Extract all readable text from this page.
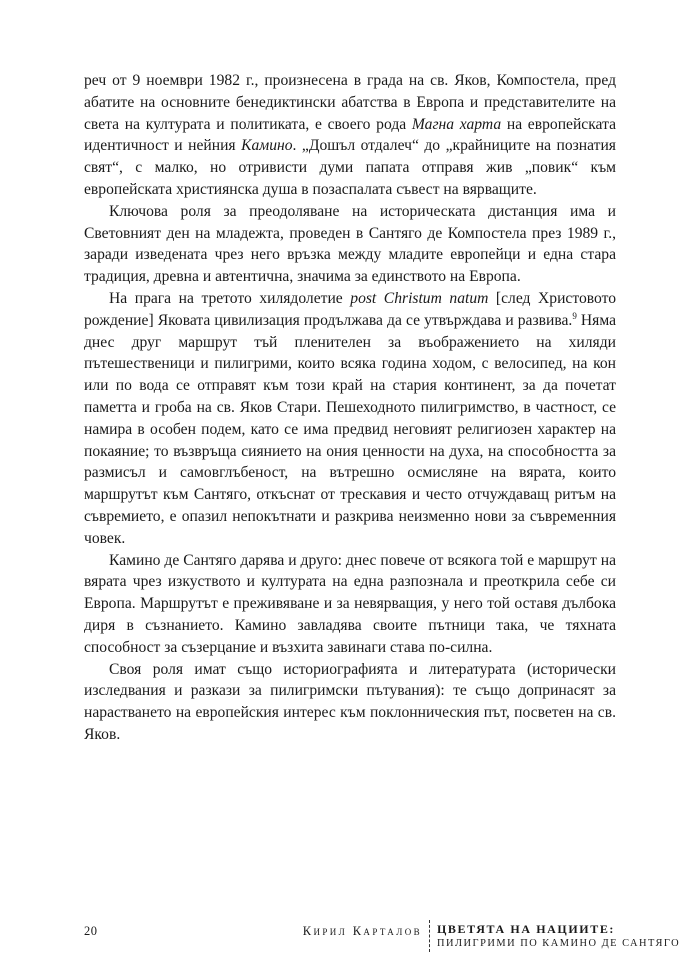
реч от 9 ноември 1982 г., произнесена в града на св. Яков, Компостела, пред абатите на основните бенедиктински абатства в Европа и представителите на света на културата и политиката, е своего рода Магна харта на европейската идентичност и нейния Камино. „Дошъл отдалеч“ до „крайниците на познатия свят“, с малко, но отривисти думи папата отправя жив „повик“ към европейската християнска душа в позаспалата съвест на вярващите.

Ключова роля за преодоляване на историческата дистанция има и Световният ден на младежта, проведен в Сантяго де Компостела през 1989 г., заради изведената чрез него връзка между младите европейци и една стара традиция, древна и автентична, значима за единството на Европа.

На прага на третото хилядолетие post Christum natum [след Христовото рождение] Яковата цивилизация продължава да се утвърждава и развива.$^9$ Няма днес друг маршрут тъй пленителен за въображението на хиляди пътешественици и пилигрими, които всяка година ходом, с велосипед, на кон или по вода се отправят към този край на стария континент, за да почетат паметта и гроба на св. Яков Стари. Пешеходното пилигримство, в частност, се намира в особен подем, като се има предвид неговият религиозен характер на покаяние; то възвръща сиянието на ония ценности на духа, на способността за размисъл и самовглъбеност, на вътрешно осмисляне на вярата, които маршрутът към Сантяго, откъснат от трескавия и често отчуждаващ ритъм на съвремието, е опазил непокътнати и разкрива неизменно нови за съвременния човек.

Камино де Сантяго дарява и друго: днес повече от всякога той е маршрут на вярата чрез изкуството и културата на една разпознала и преоткрила себе си Европа. Маршрутът е преживяване и за невярващия, у него той оставя дълбока диря в съзнанието. Камино завладява своите пътници така, че тяхната способност за съзерцание и възхита завинаги става по-силна.

Своя роля имат също историографията и литературата (исторически изследвания и разкази за пилигримски пътувания): те също допринасят за нарастването на европейския интерес към поклонническия път, посветен на св. Яков.

20	Кирил Карталов ЦВЕТЯТА НА НАЦИИТЕ:
ПИЛИГРИМИ ПО КАМИНО ДЕ САНТЯГО
